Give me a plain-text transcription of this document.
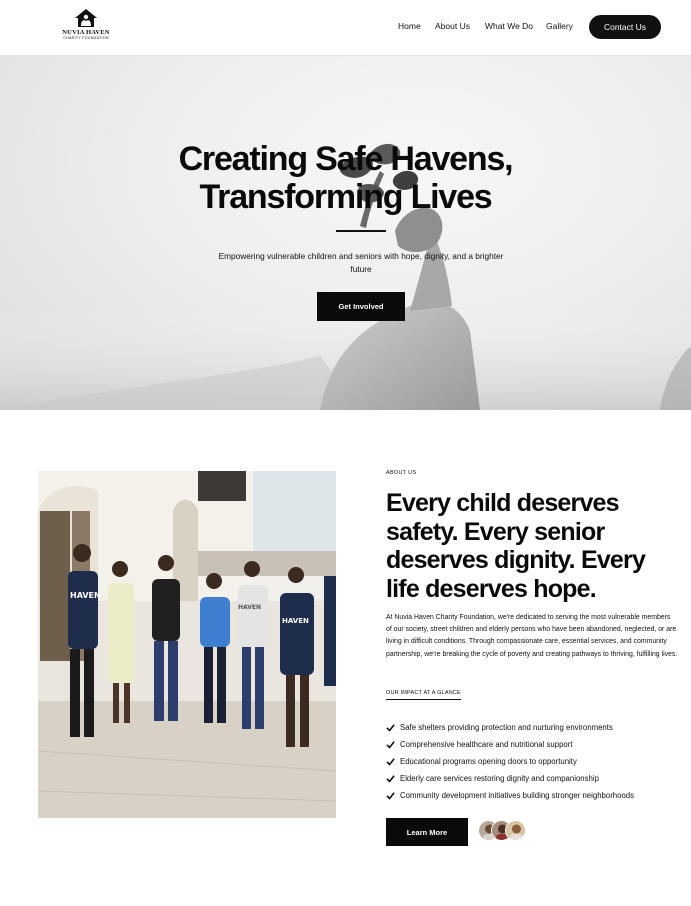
NUVIA HAVEN
CHARITY FOUNDATION
Home About Us What We Do Gallery	Contact Us
Creating Safe Havens,
Transforming Lives

Empowering vulnerable children and seniors with hope, dignity, and a brighter future

Get Involved
HAVEN
HAVEN
HAVEN
ABOUT US
Every child deserves safety. Every senior deserves dignity. Every life deserves hope.

At Nuvia Haven Charity Foundation, we're dedicated to serving the most vulnerable members of our society, street children and elderly persons who have been abandoned, neglected, or are living in difficult conditions. Through compassionate care, essential services, and community partnership, we're breaking the cycle of poverty and creating pathways to thriving, fulfilling lives.

OUR IMPACT AT A GLANCE
Safe shelters providing protection and nurturing environments
Comprehensive healthcare and nutritional support
Educational programs opening doors to opportunity
Elderly care services restoring dignity and companionship
Community development initiatives building stronger neighborhoods
Learn More
